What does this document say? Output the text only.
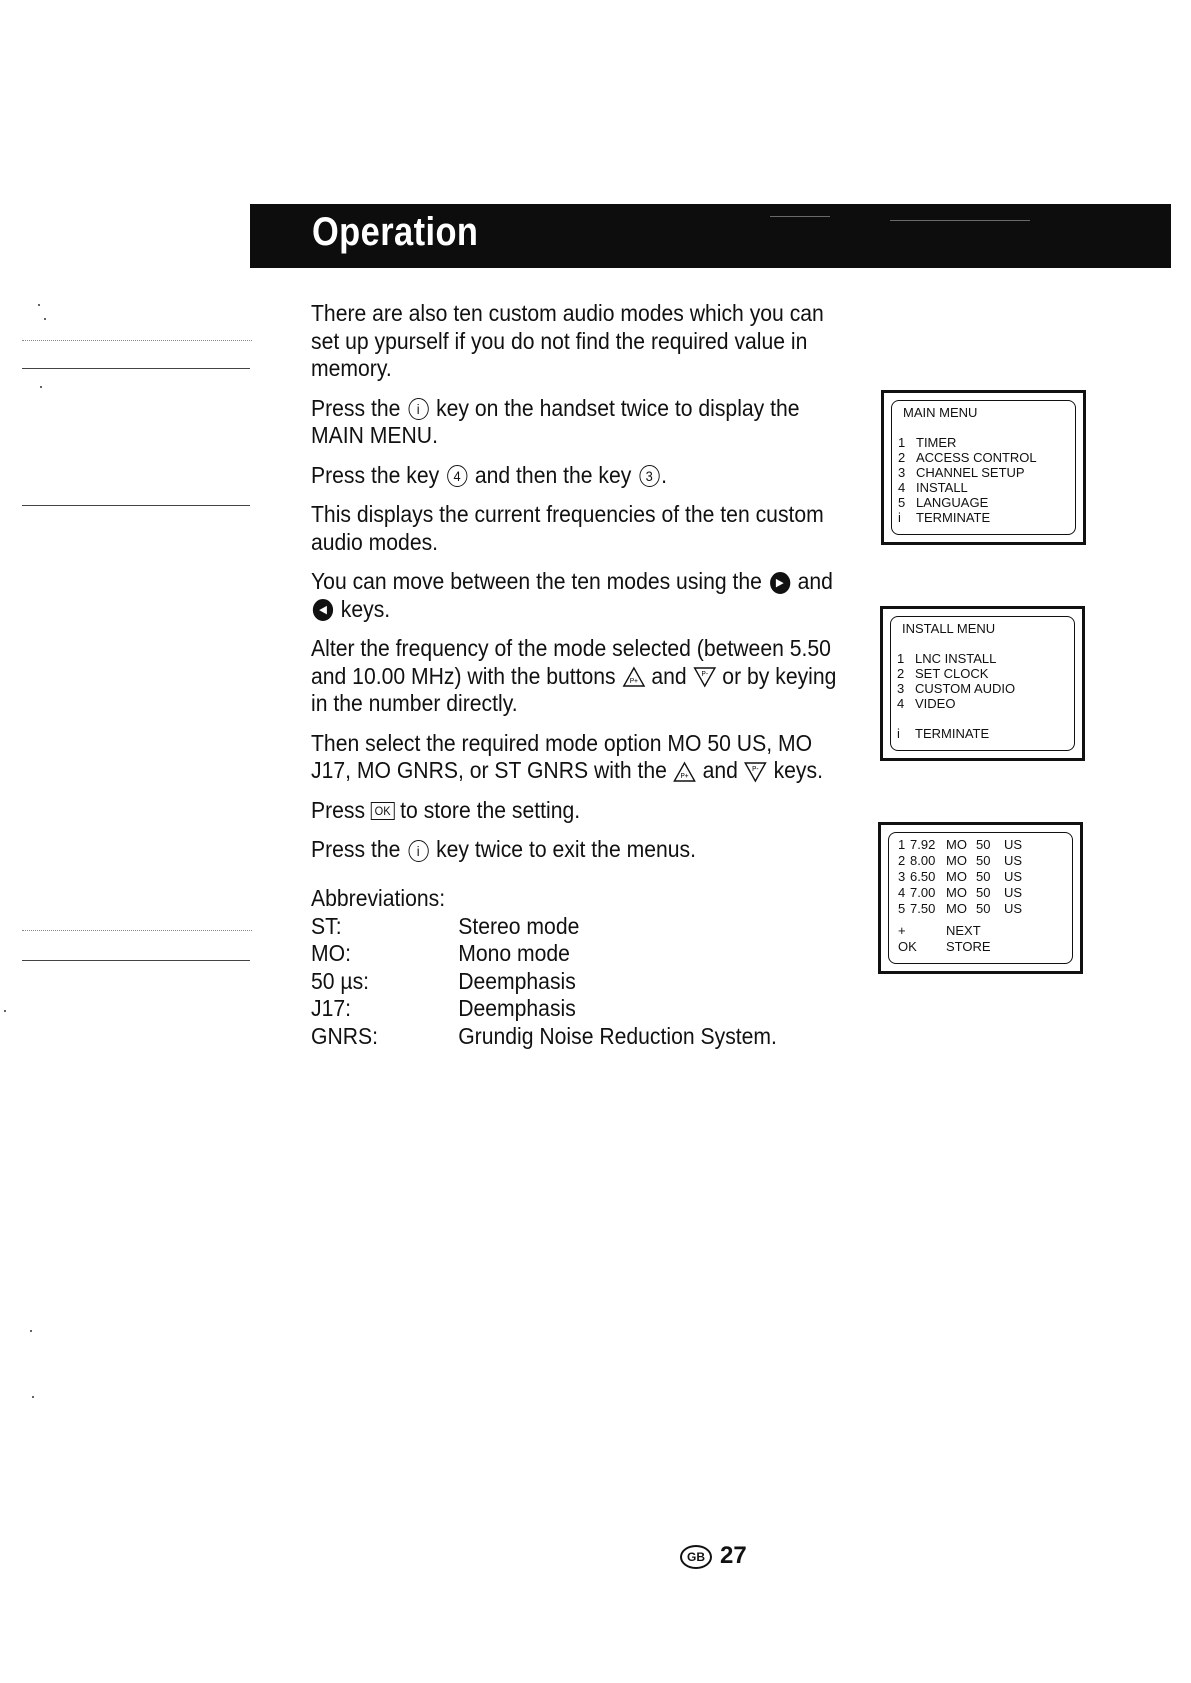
Operation

There are also ten custom audio modes which you can set up ypurself if you do not find the required value in memory.

Press the i key on the handset twice to display the MAIN MENU.

Press the key 4 and then the key 3 .

This displays the current frequencies of the ten custom audio modes.

You can move between the ten modes using the ▶ and ◀ keys.

Alter the frequency of the mode selected (between 5.50 and 10.00 MHz) with the buttons P+ and P- or by keying in the number directly.

Then select the required mode option MO 50 US, MO J17, MO GNRS, or ST GNRS with the P+ and P- keys.

Press OK to store the setting.

Press the i key twice to exit the menus.

Abbreviations:
ST:	Stereo mode
MO:	Mono mode
50 µs:	Deemphasis
J17:	Deemphasis
GNRS:	Grundig Noise Reduction System.
MAIN MENU
1 TIMER
2 ACCESS CONTROL
3 CHANNEL SETUP
4 INSTALL
5 LANGUAGE
i TERMINATE
INSTALL MENU
1 LNC INSTALL
2 SET CLOCK
3 CUSTOM AUDIO
4 VIDEO
i TERMINATE
1 7.92 MO 50 US
2 8.00 MO 50 US
3 6.50 MO 50 US
4 7.00 MO 50 US
5 7.50 MO 50 US
+	NEXT
OK STORE
GB 27
